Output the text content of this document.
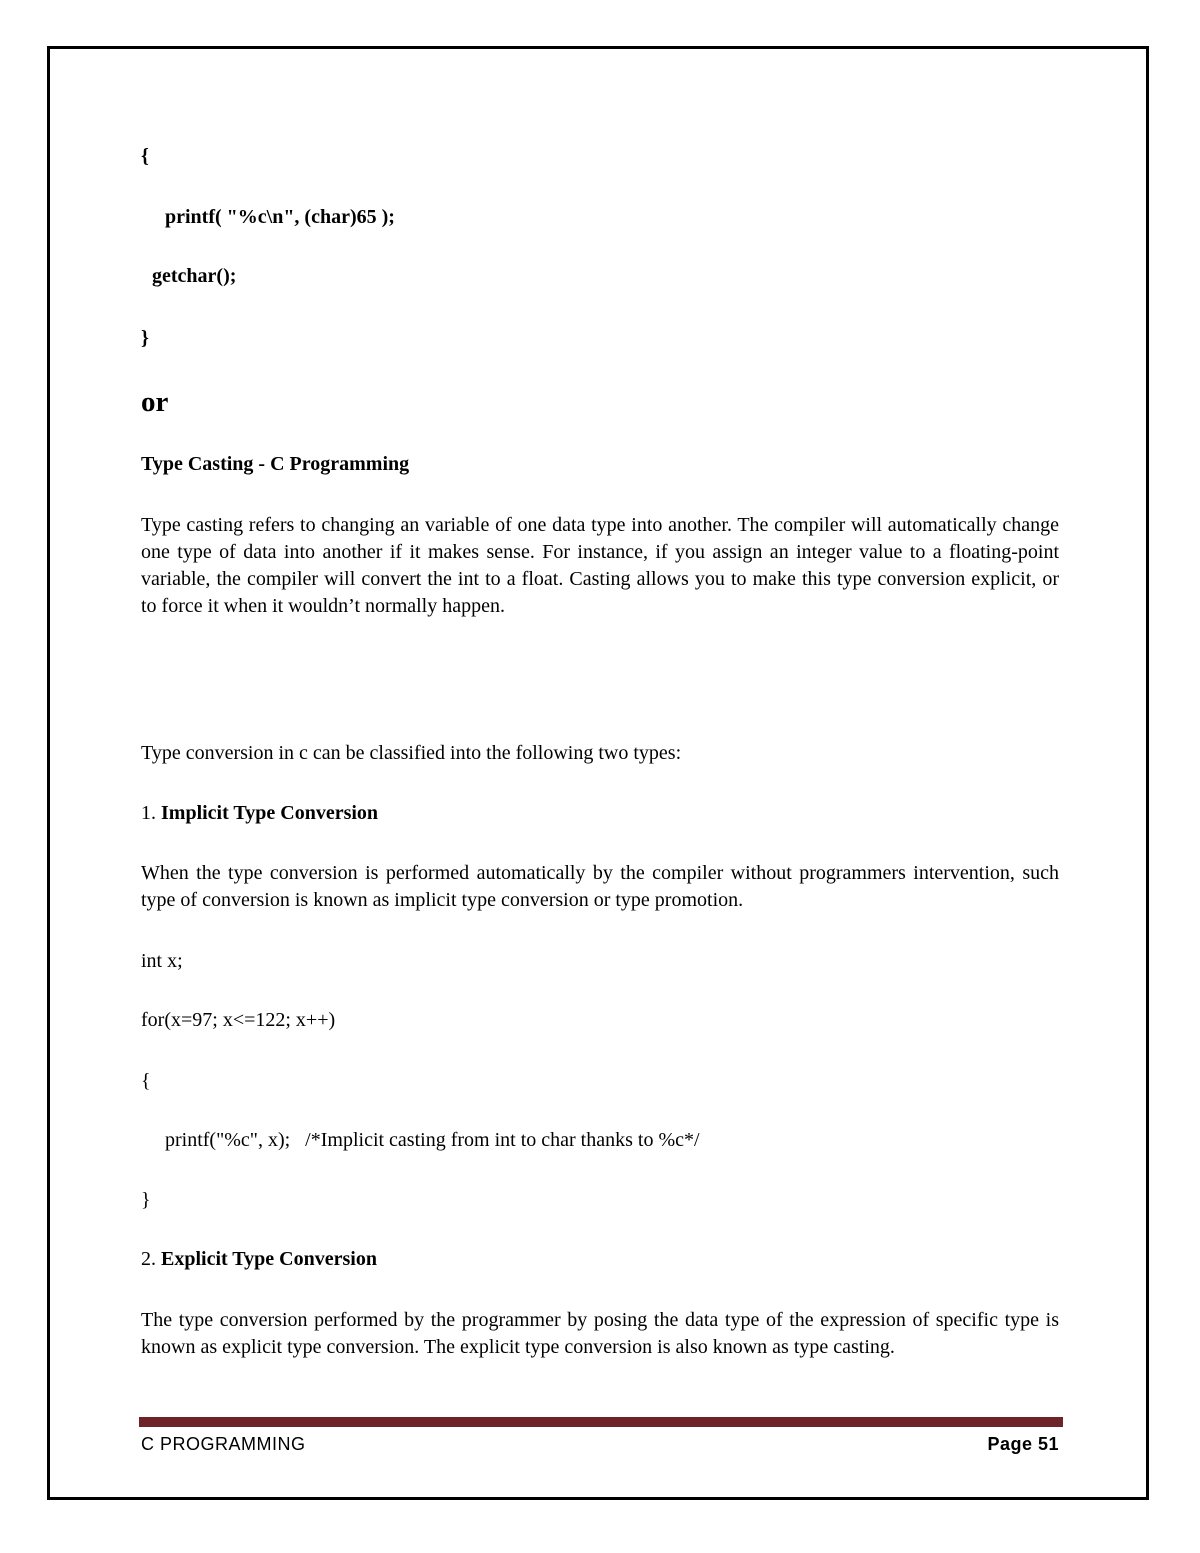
{
printf( "%c\n", (char)65 );
getchar();
}
or
Type Casting - C Programming
Type casting refers to changing an variable of one data type into another. The compiler will automatically change one type of data into another if it makes sense. For instance, if you assign an integer value to a floating-point variable, the compiler will convert the int to a float. Casting allows you to make this type conversion explicit, or to force it when it wouldn’t normally happen.
Type conversion in c can be classified into the following two types:
1. Implicit Type Conversion
When the type conversion is performed automatically by the compiler without programmers intervention, such type of conversion is known as implicit type conversion or type promotion.
int x;
for(x=97; x<=122; x++)
{
printf("%c", x);   /*Implicit casting from int to char thanks to %c*/
}
2. Explicit Type Conversion
The type conversion performed by the programmer by posing the data type of the expression of specific type is known as explicit type conversion. The explicit type conversion is also known as type casting.
C PROGRAMMING	Page 51
